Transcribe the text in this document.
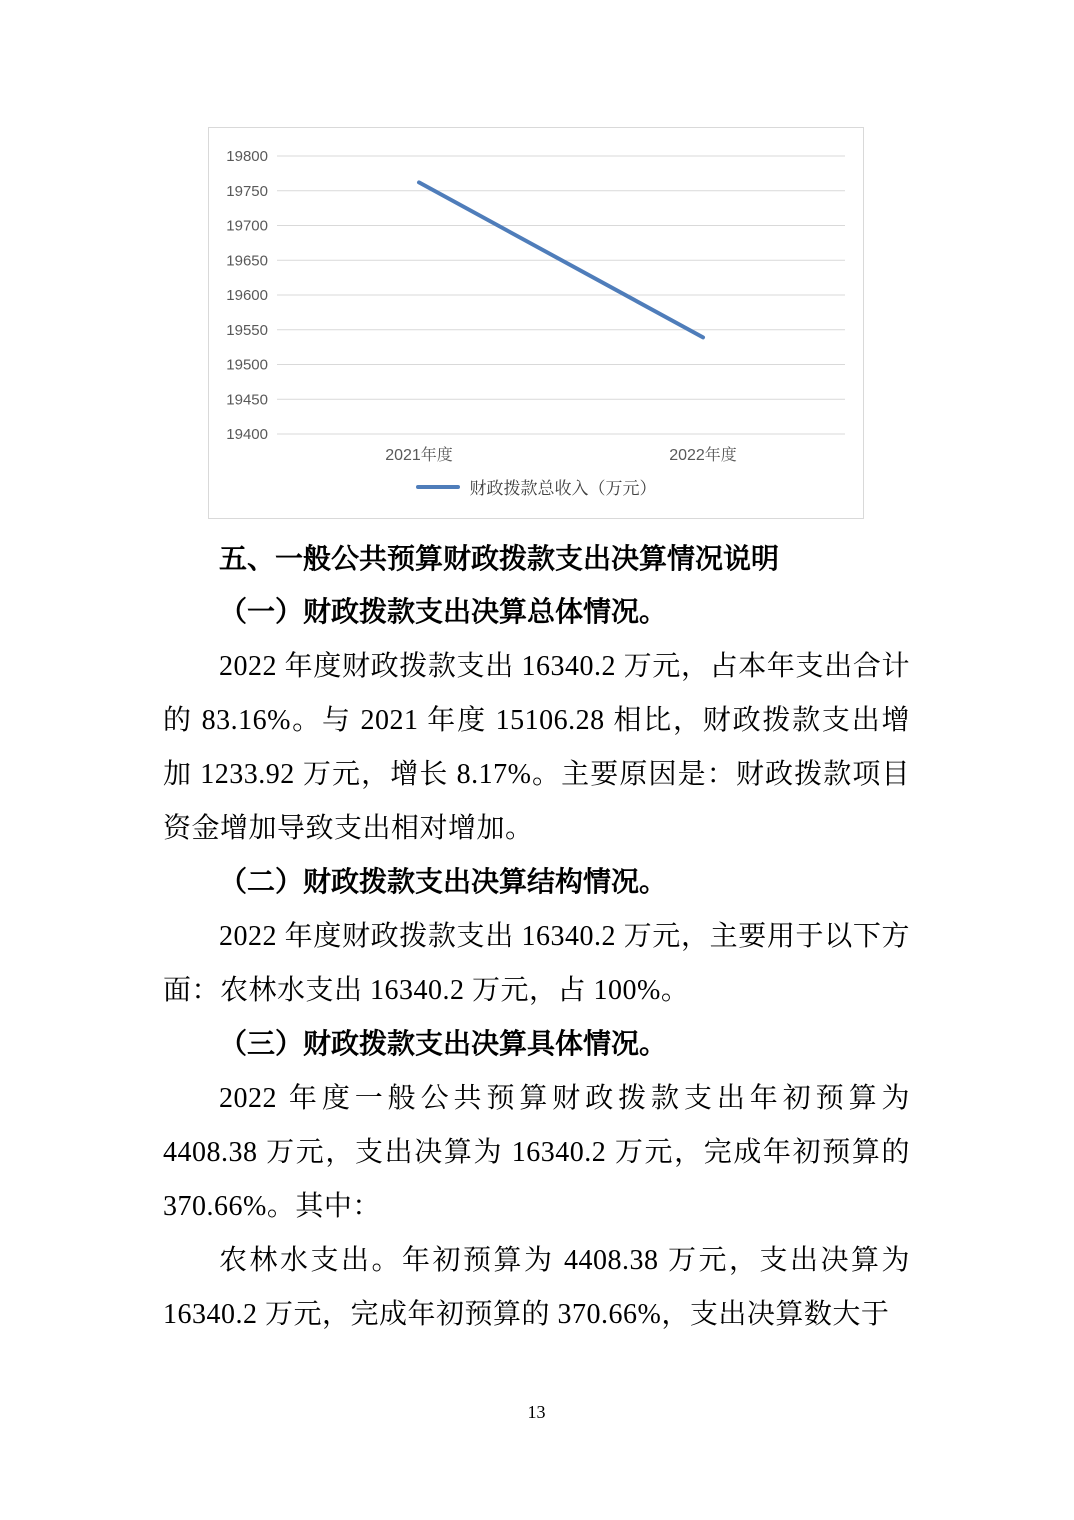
19400
19450
19500
19550
19600
19650
19700
19750
19800
2021年度	2022年度
财政拨款总收入（万元）
五、一般公共预算财政拨款支出决算情况说明

（一）财政拨款支出决算总体情况。

2022 年度财政拨款支出 16340.2 万元，占本年支出合计的 83.16%。与 2021 年度 15106.28 相比，财政拨款支出增加 1233.92 万元，增长 8.17%。主要原因是：财政拨款项目资金增加导致支出相对增加。

（二）财政拨款支出决算结构情况。

2022 年度财政拨款支出 16340.2 万元，主要用于以下方面：农林水支出 16340.2 万元，占 100%。

（三）财政拨款支出决算具体情况。

2022 年度一般公共预算财政拨款支出年初预算为 4408.38 万元，支出决算为 16340.2 万元，完成年初预算的 370.66%。其中：

农林水支出。年初预算为 4408.38 万元，支出决算为 16340.2 万元，完成年初预算的 370.66%，支出决算数大于

13
